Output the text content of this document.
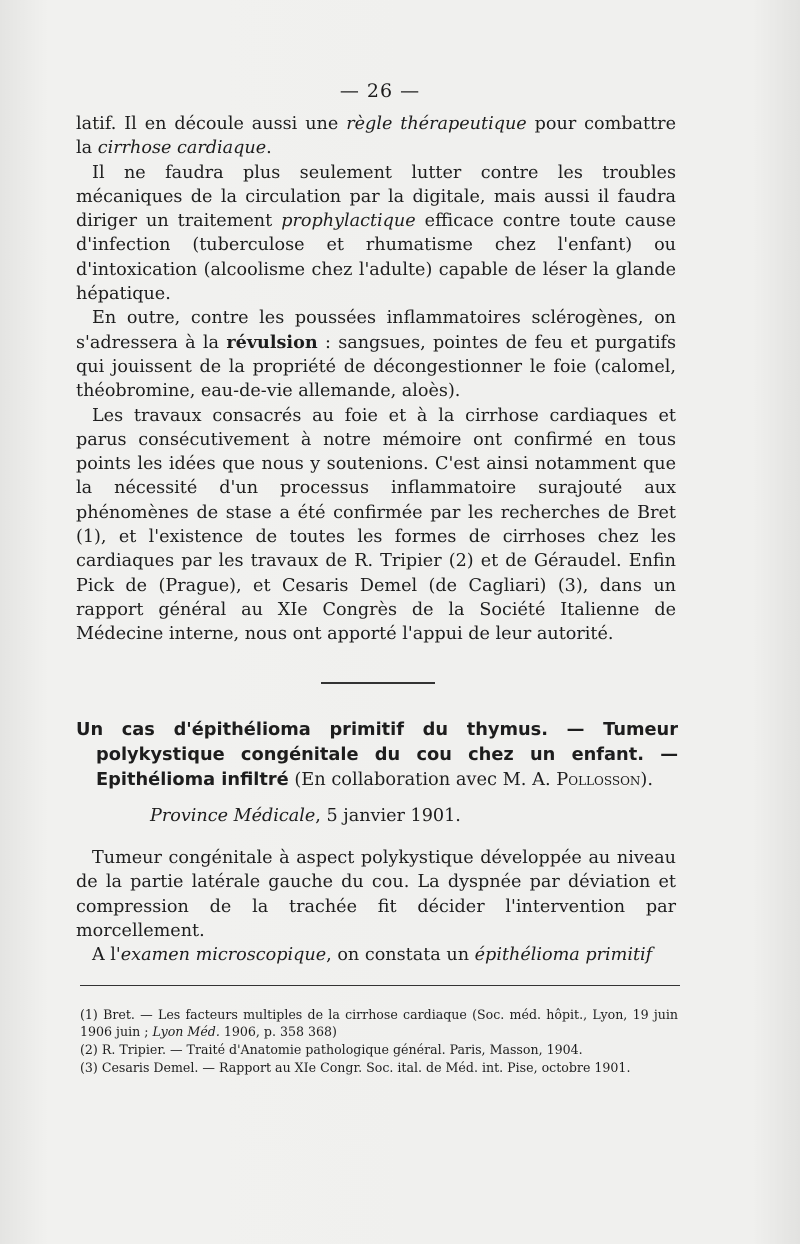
— 26 —

latif. Il en découle aussi une règle thérapeutique pour combattre la cirrhose cardiaque.

Il ne faudra plus seulement lutter contre les troubles mécaniques de la circulation par la digitale, mais aussi il faudra diriger un traitement prophylactique efficace contre toute cause d'infection (tuberculose et rhumatisme chez l'enfant) ou d'intoxication (alcoolisme chez l'adulte) capable de léser la glande hépatique.

En outre, contre les poussées inflammatoires sclérogènes, on s'adressera à la révulsion : sangsues, pointes de feu et purgatifs qui jouissent de la propriété de décongestionner le foie (calomel, théobromine, eau-de-vie allemande, aloès).

Les travaux consacrés au foie et à la cirrhose cardiaques et parus consécutivement à notre mémoire ont confirmé en tous points les idées que nous y soutenions. C'est ainsi notamment que la nécessité d'un processus inflammatoire surajouté aux phénomènes de stase a été confirmée par les recherches de Bret (1), et l'existence de toutes les formes de cirrhoses chez les cardiaques par les travaux de R. Tripier (2) et de Géraudel. Enfin Pick de (Prague), et Cesaris Demel (de Cagliari) (3), dans un rapport général au XIe Congrès de la Société Italienne de Médecine interne, nous ont apporté l'appui de leur autorité.

Un cas d'épithélioma primitif du thymus. — Tumeur polykystique congénitale du cou chez un enfant. — Epithélioma infiltré (En collaboration avec M. A. Pollosson).

Province Médicale, 5 janvier 1901.

Tumeur congénitale à aspect polykystique développée au niveau de la partie latérale gauche du cou. La dyspnée par déviation et compression de la trachée fit décider l'intervention par morcellement.

A l'examen microscopique, on constata un épithélioma primitif

(1) Bret. — Les facteurs multiples de la cirrhose cardiaque (Soc. méd. hôpit., Lyon, 19 juin 1906 juin ; Lyon Méd. 1906, p. 358 368)

(2) R. Tripier. — Traité d'Anatomie pathologique général. Paris, Masson, 1904.

(3) Cesaris Demel. — Rapport au XIe Congr. Soc. ital. de Méd. int. Pise, octobre 1901.
